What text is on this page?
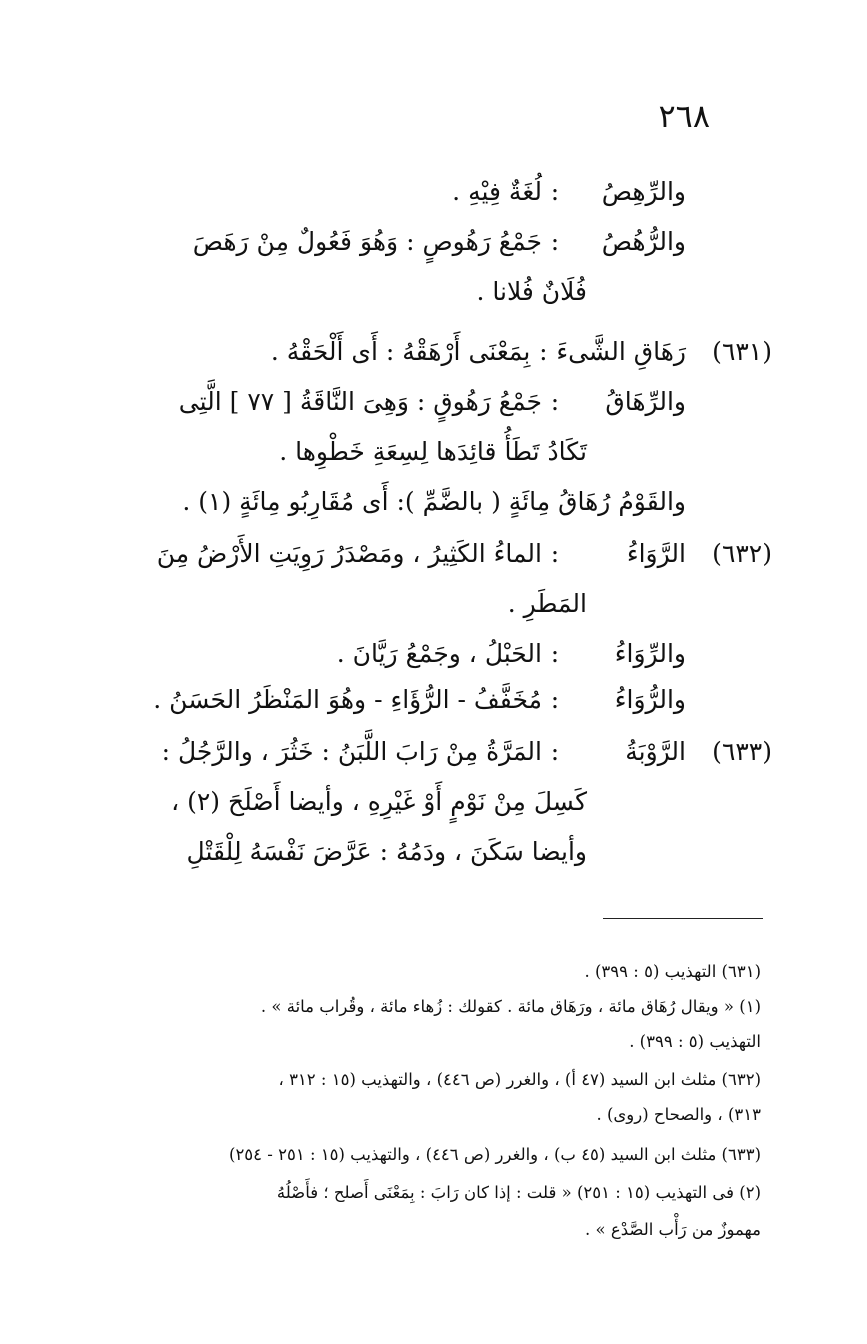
٢٦٨
والرِّهِصُ:لُغَةٌ فِيْهِ .
والرُّهُصُ:جَمْعُ رَهُوصٍ : وَهُوَ فَعُولٌ مِنْ رَهَصَ
فُلَانٌ فُلانا .
(٦٣١)رَهَاقِ الشَّىءَ:بِمَعْنَى أَرْهَقْهُ : أَى أَلْحَقْهُ .
والرِّهَاقُ:جَمْعُ رَهُوقٍ : وَهِىَ النَّاقَةُ [ ٧٧ ] الَّتِى
تَكَادُ تَطَأُ قائِدَها لِسِعَةِ خَطْوِها .
والقَوْمُ رُهَاقُ مِائَةٍ ( بالضَّمِّ ): أَى مُقَارِبُو مِائَةٍ (١) .
(٦٣٢)الرَّوَاءُ:الماءُ الكَثِيرُ ، ومَصْدَرُ رَوِيَتِ الأَرْضُ مِنَ
المَطَرِ .
والرِّوَاءُ:الحَبْلُ ، وجَمْعُ رَيَّانَ .
والرُّوَاءُ:مُخَفَّفُ - الرُّؤَاءِ - وهُوَ المَنْظَرُ الحَسَنُ .
(٦٣٣)الرَّوْبَةُ:المَرَّةُ مِنْ رَابَ اللَّبَنُ : خَثُرَ ، والرَّجُلُ :
كَسِلَ مِنْ نَوْمٍ أَوْ غَيْرِهِ ، وأيضا أَصْلَحَ (٢) ،
وأيضا سَكَنَ ، ودَمُهُ : عَرَّضَ نَفْسَهُ لِلْقَتْلِ
(٦٣١) التهذيب (٥ : ٣٩٩) .
(١) « ويقال رُهَاق مائة ، ورَهَاق مائة . كقولك : زُهاء مائة ، وقُراب مائة » .
التهذيب (٥ : ٣٩٩) .
(٦٣٢) مثلث ابن السيد (٤٧ أ) ، والغرر (ص ٤٤٦) ، والتهذيب (١٥ : ٣١٢ ،
٣١٣) ، والصحاح (روى) .
(٦٣٣) مثلث ابن السيد (٤٥ ب) ، والغرر (ص ٤٤٦) ، والتهذيب (١٥ : ٢٥١ - ٢٥٤)
(٢) فى التهذيب (١٥ : ٢٥١) « قلت : إذا كان رَابَ : بِمَعْنَى أَصلح ؛ فأَصْلُهُ
مهموزٌ من رَأْب الصَّدْع » .
